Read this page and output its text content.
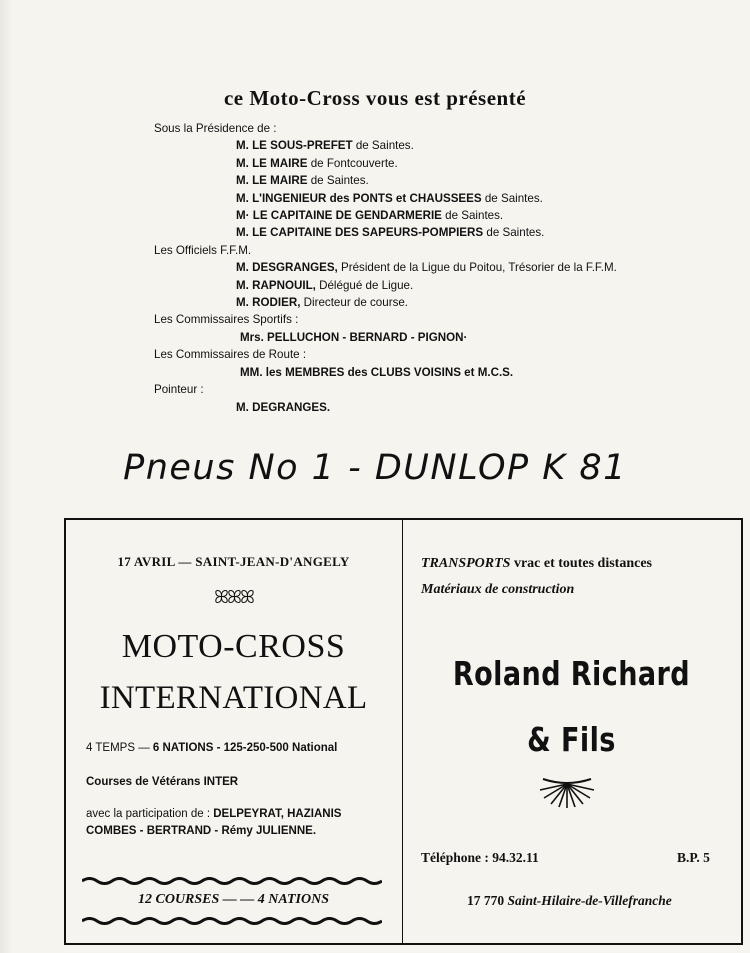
ce Moto-Cross vous est présenté
Sous la Présidence de :
M. LE SOUS-PREFET de Saintes.
M. LE MAIRE de Fontcouverte.
M. LE MAIRE de Saintes.
M. L'INGENIEUR des PONTS et CHAUSSEES de Saintes.
M· LE CAPITAINE DE GENDARMERIE de Saintes.
M. LE CAPITAINE DES SAPEURS-POMPIERS de Saintes.
Les Officiels F.F.M.
M. DESGRANGES, Président de la Ligue du Poitou, Trésorier de la F.F.M.
M. RAPNOUIL, Délégué de Ligue.
M. RODIER, Directeur de course.
Les Commissaires Sportifs :
Mrs. PELLUCHON - BERNARD - PIGNON·
Les Commissaires de Route :
MM. les MEMBRES des CLUBS VOISINS et M.C.S.
Pointeur :
M. DEGRANGES.
Pneus No 1 - DUNLOP K 81
17 AVRIL — SAINT-JEAN-D'ANGELY
ꕤꕤꕤ
MOTO-CROSS
INTERNATIONAL
4 TEMPS — 6 NATIONS - 125-250-500 National
Courses de Vétérans INTER
avec la participation de : DELPEYRAT, HAZIANIS
COMBES - BERTRAND - Rémy JULIENNE.
12 COURSES — — 4 NATIONS
TRANSPORTS vrac et toutes distances
Matériaux de construction
Roland Richard
& Fils
Téléphone : 94.32.11	B.P. 5
17 770 Saint-Hilaire-de-Villefranche
